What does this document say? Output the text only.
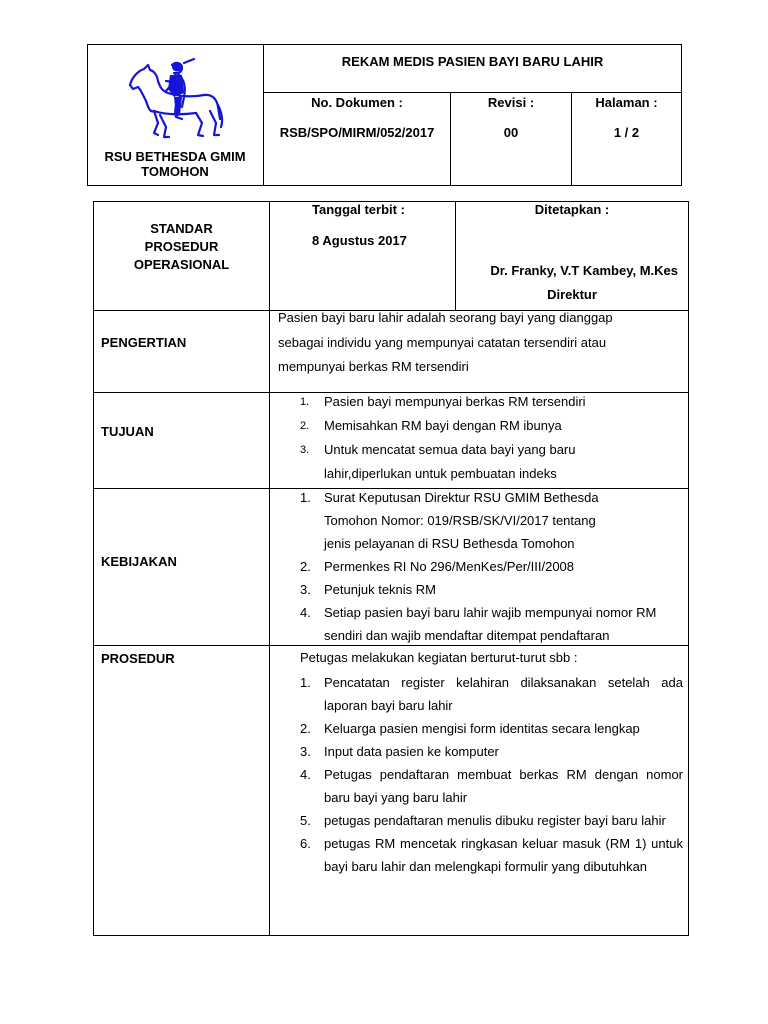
RSU BETHESDA GMIM TOMOHON
REKAM MEDIS PASIEN BAYI BARU LAHIR
No. Dokumen :
RSB/SPO/MIRM/052/2017
Revisi :
00
Halaman :
1 / 2
STANDAR
PROSEDUR
OPERASIONAL
Tanggal terbit :
8 Agustus 2017
Ditetapkan :
Dr. Franky, V.T Kambey, M.Kes
Direktur
PENGERTIAN
Pasien bayi baru lahir adalah seorang bayi yang dianggap
sebagai individu yang mempunyai catatan tersendiri atau
mempunyai berkas RM tersendiri
TUJUAN
1. Pasien bayi mempunyai berkas RM tersendiri
2. Memisahkan RM bayi dengan RM ibunya
3. Untuk mencatat semua data bayi yang baru lahir,diperlukan untuk pembuatan indeks
KEBIJAKAN
1. Surat Keputusan Direktur RSU GMIM Bethesda Tomohon Nomor: 019/RSB/SK/VI/2017 tentang jenis pelayanan di RSU Bethesda Tomohon
2. Permenkes RI No 296/MenKes/Per/III/2008
3. Petunjuk teknis RM
4. Setiap pasien bayi baru lahir wajib mempunyai nomor RM sendiri dan wajib mendaftar ditempat pendaftaran
PROSEDUR	Petugas melakukan kegiatan berturut-turut sbb :
1. Pencatatan register kelahiran dilaksanakan setelah ada laporan bayi baru lahir
2. Keluarga pasien mengisi form identitas secara lengkap
3. Input data pasien ke komputer
4. Petugas pendaftaran membuat berkas RM dengan nomor baru bayi yang baru lahir
5. petugas pendaftaran menulis dibuku register bayi baru lahir
6. petugas RM mencetak ringkasan keluar masuk (RM 1) untuk bayi baru lahir dan melengkapi formulir yang dibutuhkan
